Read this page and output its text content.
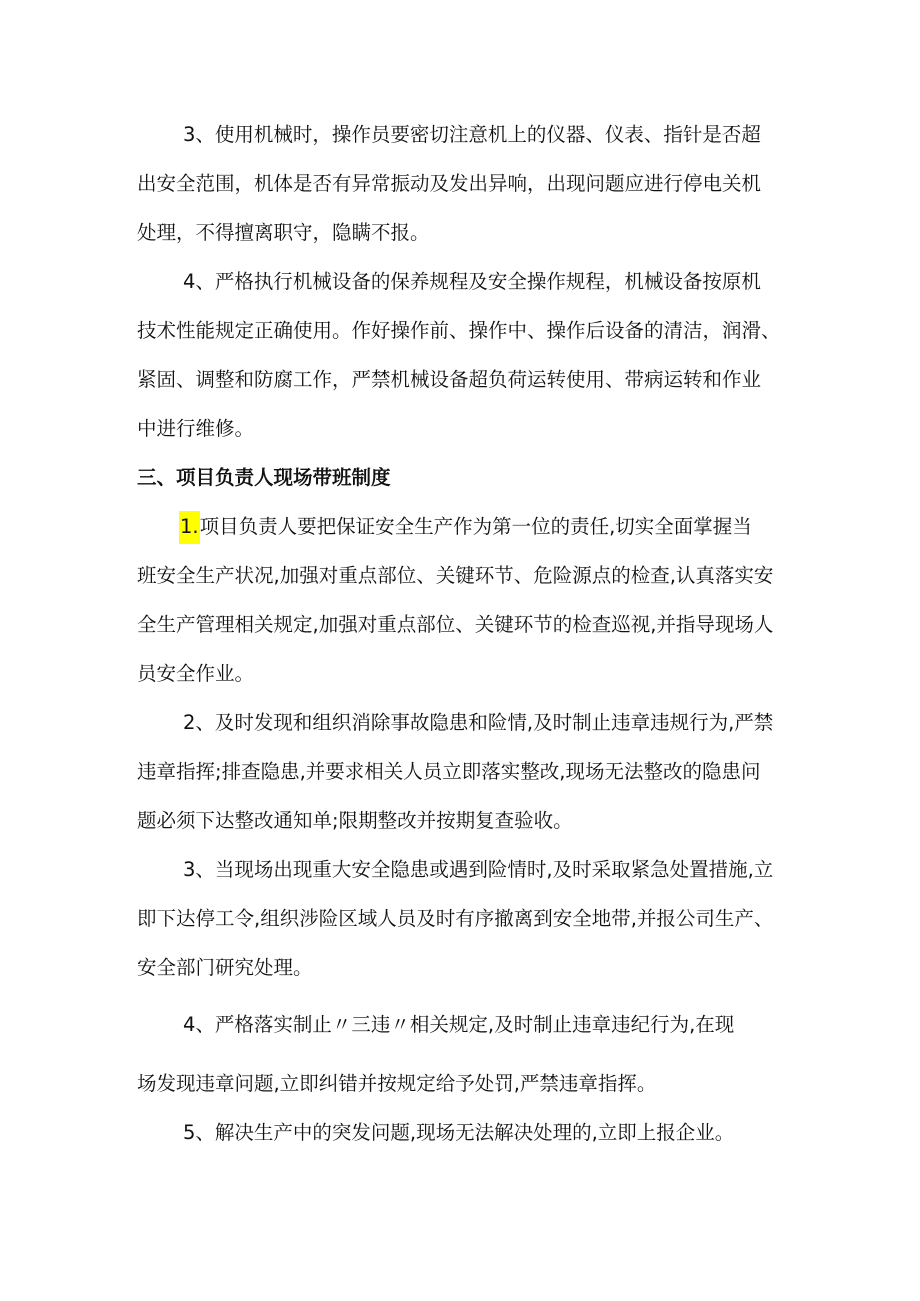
3、使用机械时，操作员要密切注意机上的仪器、仪表、指针是否超
出安全范围，机体是否有异常振动及发出异响，出现问题应进行停电关机
处理，不得擅离职守，隐瞒不报。
4、严格执行机械设备的保养规程及安全操作规程，机械设备按原机
技术性能规定正确使用。作好操作前、操作中、操作后设备的清洁，润滑、
紧固、调整和防腐工作，严禁机械设备超负荷运转使用、带病运转和作业
中进行维修。
三、项目负责人现场带班制度
1.项目负责人要把保证安全生产作为第一位的责任,切实全面掌握当
班安全生产状况,加强对重点部位、关键环节、危险源点的检查,认真落实安
全生产管理相关规定,加强对重点部位、关键环节的检查巡视,并指导现场人
员安全作业。
2、及时发现和组织消除事故隐患和险情,及时制止违章违规行为,严禁
违章指挥;排查隐患,并要求相关人员立即落实整改,现场无法整改的隐患问
题必须下达整改通知单;限期整改并按期复查验收。
3、当现场出现重大安全隐患或遇到险情时,及时采取紧急处置措施,立
即下达停工令,组织涉险区域人员及时有序撤离到安全地带,并报公司生产、
安全部门研究处理。
4、严格落实制止〃三违〃相关规定,及时制止违章违纪行为,在现
场发现违章问题,立即纠错并按规定给予处罚,严禁违章指挥。
5、解决生产中的突发问题,现场无法解决处理的,立即上报企业。
